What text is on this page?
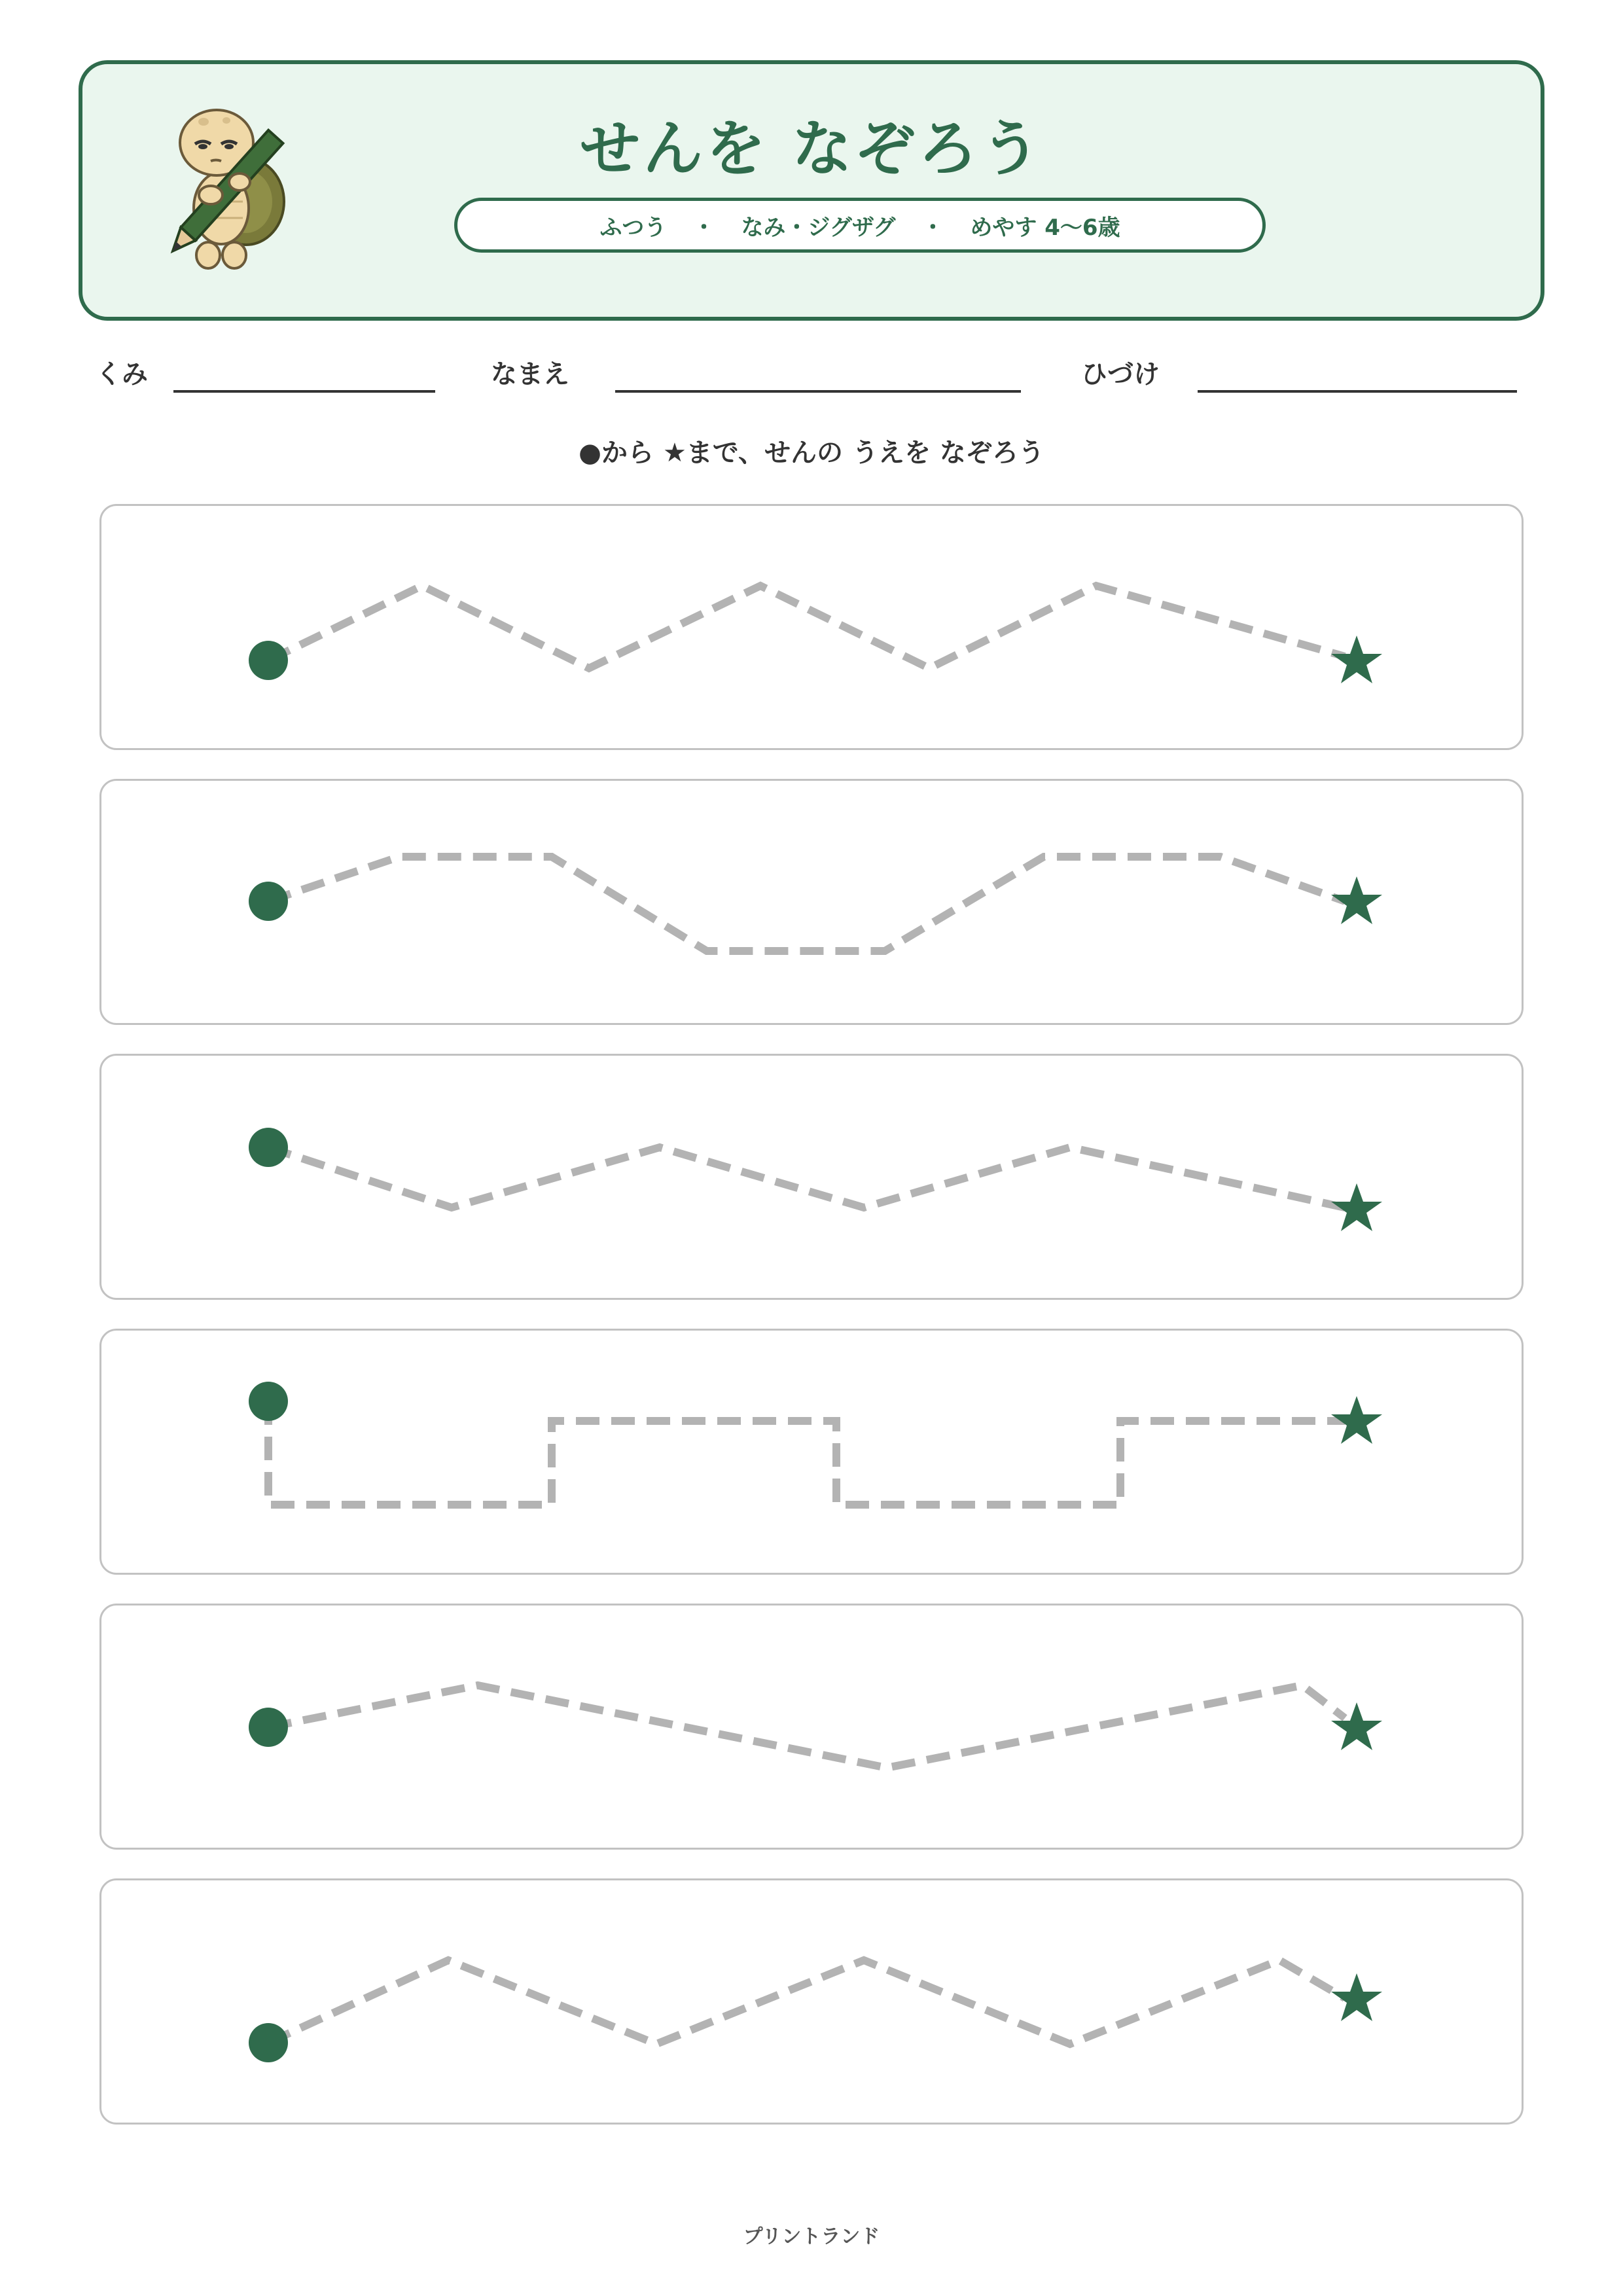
せんを なぞろう
ふつう ・ なみ・ジグザグ ・ めやす 4〜6歳
くみ	なまえ	ひづけ
●から ★まで、せんの うえを なぞろう
プリントランド
